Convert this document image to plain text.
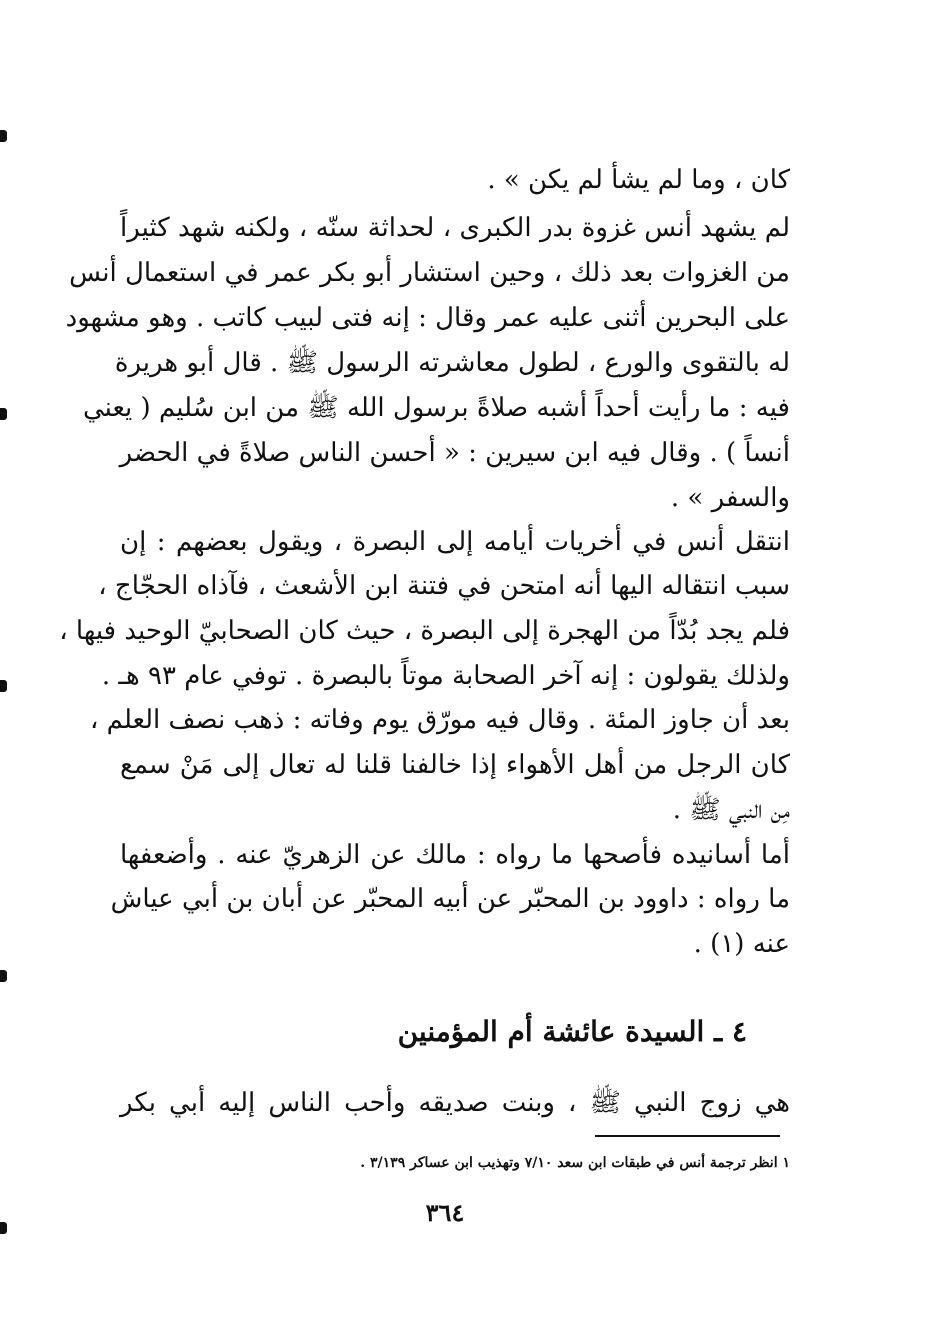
كان ، وما لم يشأ لم يكن » .
لم يشهد أنس غزوة بدر الكبرى ، لحداثة سنّه ، ولكنه شهد كثيراً
من الغزوات بعد ذلك ، وحين استشار أبو بكر عمر في استعمال أنس
على البحرين أثنى عليه عمر وقال : إنه فتى لبيب كاتب . وهو مشهود
له بالتقوى والورع ، لطول معاشرته الرسول ﷺ . قال أبو هريرة
فيه : ما رأيت أحداً أشبه صلاةً برسول الله ﷺ من ابن سُليم ( يعني
أنساً ) . وقال فيه ابن سيرين : « أحسن الناس صلاةً في الحضر
والسفر » .
انتقل أنس في أخريات أيامه إلى البصرة ، ويقول بعضهم : إن
سبب انتقاله اليها أنه امتحن في فتنة ابن الأشعث ، فآذاه الحجّاج ،
فلم يجد بُدّاً من الهجرة إلى البصرة ، حيث كان الصحابيّ الوحيد فيها ،
ولذلك يقولون : إنه آخر الصحابة موتاً بالبصرة . توفي عام ٩٣ هـ .
بعد أن جاوز المئة . وقال فيه مورّق يوم وفاته : ذهب نصف العلم ،
كان الرجل من أهل الأهواء إذا خالفنا قلنا له تعال إلى مَنْ سمع
مِن النبي ﷺ .
أما أسانيده فأصحها ما رواه : مالك عن الزهريّ عنه . وأضعفها
ما رواه : داوود بن المحبّر عن أبيه المحبّر عن أبان بن أبي عياش
عنه (١) .
٤ ـ السيدة عائشة أم المؤمنين
هي زوج النبي ﷺ ، وبنت صديقه وأحب الناس إليه أبي بكر
١ انظر ترجمة أنس في طبقات ابن سعد ٧/١٠ وتهذيب ابن عساكر ٣/١٣٩ .
٣٦٤
